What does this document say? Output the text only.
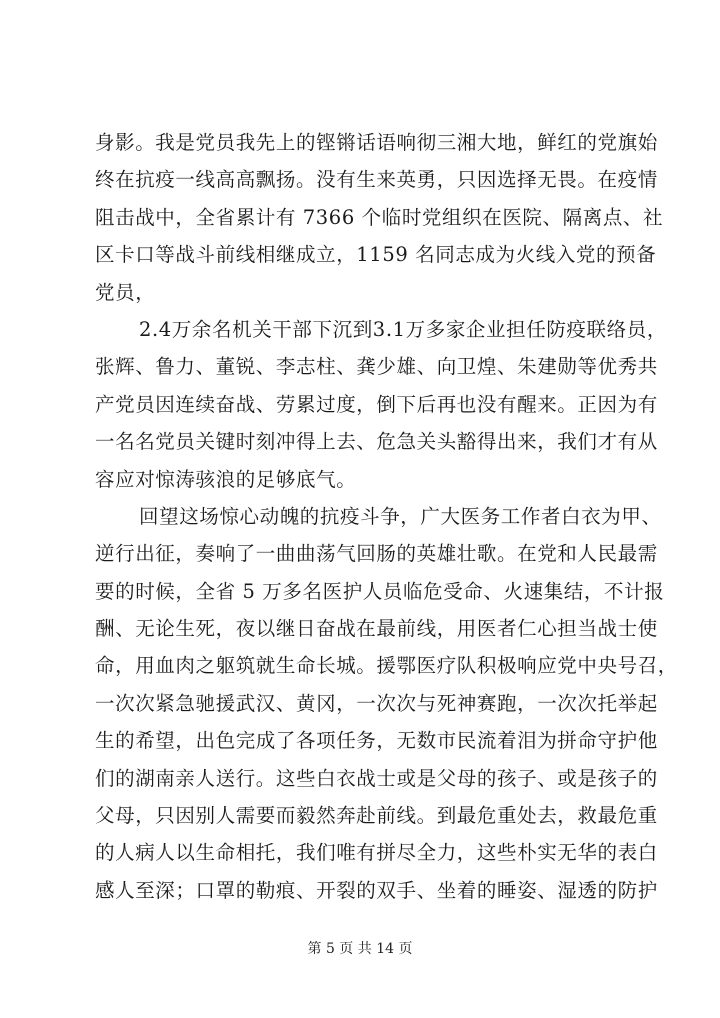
身影。我是党员我先上的铿锵话语响彻三湘大地，鲜红的党旗始
终在抗疫一线高高飘扬。没有生来英勇，只因选择无畏。在疫情
阻击战中，全省累计有 7366 个临时党组织在医院、隔离点、社
区卡口等战斗前线相继成立，1159 名同志成为火线入党的预备
党员，
2.4万余名机关干部下沉到3.1万多家企业担任防疫联络员，
张辉、鲁力、董锐、李志柱、龚少雄、向卫煌、朱建勋等优秀共
产党员因连续奋战、劳累过度，倒下后再也没有醒来。正因为有
一名名党员关键时刻冲得上去、危急关头豁得出来，我们才有从
容应对惊涛骇浪的足够底气。
回望这场惊心动魄的抗疫斗争，广大医务工作者白衣为甲、
逆行出征，奏响了一曲曲荡气回肠的英雄壮歌。在党和人民最需
要的时候，全省 5 万多名医护人员临危受命、火速集结，不计报
酬、无论生死，夜以继日奋战在最前线，用医者仁心担当战士使
命，用血肉之躯筑就生命长城。援鄂医疗队积极响应党中央号召，
一次次紧急驰援武汉、黄冈，一次次与死神赛跑，一次次托举起
生的希望，出色完成了各项任务，无数市民流着泪为拼命守护他
们的湖南亲人送行。这些白衣战士或是父母的孩子、或是孩子的
父母，只因别人需要而毅然奔赴前线。到最危重处去，救最危重
的人病人以生命相托，我们唯有拼尽全力，这些朴实无华的表白
感人至深；口罩的勒痕、开裂的双手、坐着的睡姿、湿透的防护
第 5 页 共 14 页
